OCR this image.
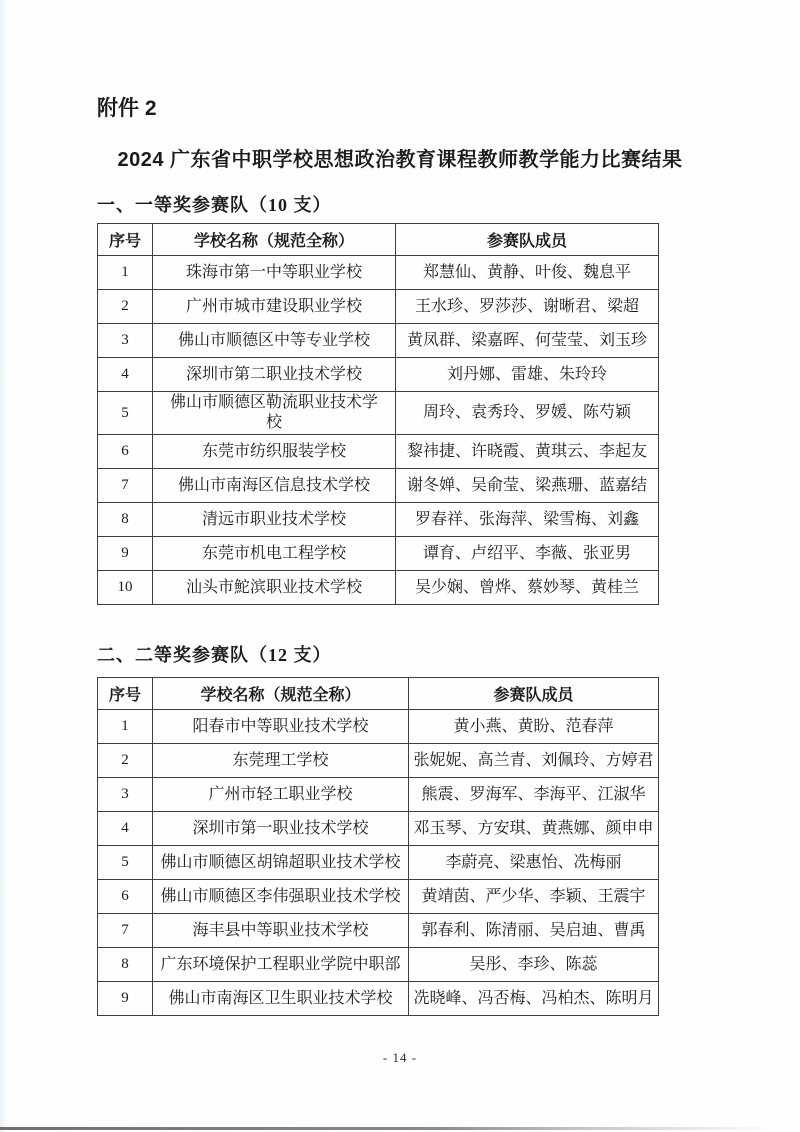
附件 2
2024 广东省中职学校思想政治教育课程教师教学能力比赛结果
一、一等奖参赛队（10 支）
序号	学校名称（规范全称）	参赛队成员
1	珠海市第一中等职业学校	郑慧仙、黄静、叶俊、魏息平
2	广州市城市建设职业学校	王水珍、罗莎莎、谢晰君、梁超
3	佛山市顺德区中等专业学校	黄凤群、梁嘉晖、何莹莹、刘玉珍
4	深圳市第二职业技术学校	刘丹娜、雷雄、朱玲玲
5	佛山市顺德区勒流职业技术学校	周玲、袁秀玲、罗媛、陈芍颖
6	东莞市纺织服装学校	黎祎捷、许晓霞、黄琪云、李起友
7	佛山市南海区信息技术学校	谢冬婵、吴俞莹、梁燕珊、蓝嘉结
8	清远市职业技术学校	罗春祥、张海萍、梁雪梅、刘鑫
9	东莞市机电工程学校	谭育、卢绍平、李薇、张亚男
10	汕头市鮀滨职业技术学校	吴少娴、曾烨、蔡妙琴、黄桂兰
二、二等奖参赛队（12 支）
序号	学校名称（规范全称）	参赛队成员
1	阳春市中等职业技术学校	黄小燕、黄盼、范春萍
2	东莞理工学校	张妮妮、高兰青、刘佩玲、方婷君
3	广州市轻工职业学校	熊震、罗海军、李海平、江淑华
4	深圳市第一职业技术学校	邓玉琴、方安琪、黄燕娜、颜申申
5	佛山市顺德区胡锦超职业技术学校	李蔚亮、梁惠怡、冼梅丽
6	佛山市顺德区李伟强职业技术学校	黄靖茵、严少华、李颖、王震宇
7	海丰县中等职业技术学校	郭春利、陈清丽、吴启迪、曹禹
8	广东环境保护工程职业学院中职部	吴彤、李珍、陈蕊
9	佛山市南海区卫生职业技术学校	冼晓峰、冯否梅、冯柏杰、陈明月
- 14 -
